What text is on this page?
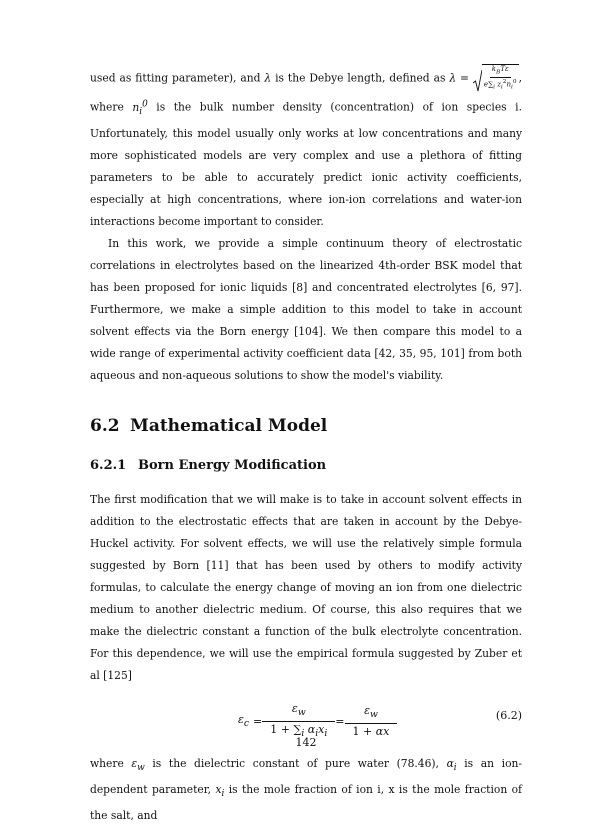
used as fitting parameter), and λ is the Debye length, defined as $\lambda = \frac{k_BT\varepsilon}{e\sum_i z_i^2n_i^0}$ , where $n_i^0$ is the bulk number density (concentration) of ion species i. Unfortunately, this model usually only works at low concentrations and many more sophisticated models are very complex and use a plethora of fitting parameters to be able to accurately predict ionic activity coefficients, especially at high concentrations, where ion-ion correlations and water-ion interactions become important to consider.

In this work, we provide a simple continuum theory of electrostatic correlations in electrolytes based on the linearized 4th-order BSK model that has been proposed for ionic liquids [8] and concentrated electrolytes [6, 97]. Furthermore, we make a simple addition to this model to take in account solvent effects via the Born energy [104]. We then compare this model to a wide range of experimental activity coefficient data [42, 35, 95, 101] from both aqueous and non-aqueous solutions to show the model's viability.

6.2 Mathematical Model
6.2.1 Born Energy Modification

The first modification that we will make is to take in account solvent effects in addition to the electrostatic effects that are taken in account by the Debye-Huckel activity. For solvent effects, we will use the relatively simple formula suggested by Born [11] that has been used by others to modify activity formulas, to calculate the energy change of moving an ion from one dielectric medium to another dielectric medium. Of course, this also requires that we make the dielectric constant a function of the bulk electrolyte concentration. For this dependence, we will use the empirical formula suggested by Zuber et al [125]

$\varepsilon_c$ =
$\varepsilon_w$
$1 + \sum_i$ $\alpha_ix_i$
= $\frac{\varepsilon_w}{1 + \alpha x}$	(6.2)

where $\varepsilon_w$ is the dielectric constant of pure water (78.46), $\alpha_i$ is an ion-dependent parameter, $x_i$ is the mole fraction of ion i, x is the mole fraction of the salt, and

142
